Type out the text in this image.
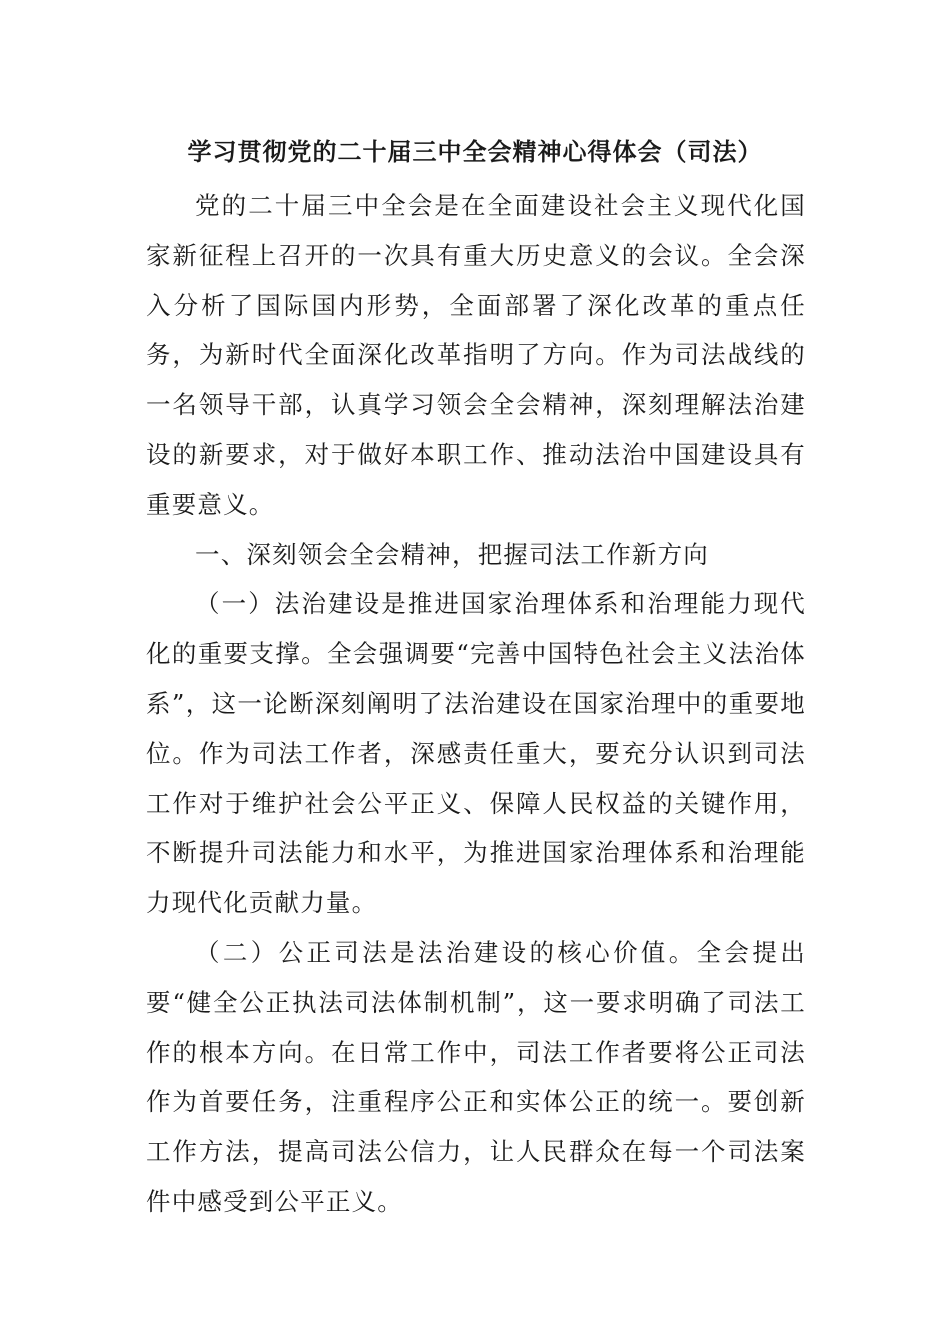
学习贯彻党的二十届三中全会精神心得体会（司法）

党的二十届三中全会是在全面建设社会主义现代化国家新征程上召开的一次具有重大历史意义的会议。全会深入分析了国际国内形势，全面部署了深化改革的重点任务，为新时代全面深化改革指明了方向。作为司法战线的一名领导干部，认真学习领会全会精神，深刻理解法治建设的新要求，对于做好本职工作、推动法治中国建设具有重要意义。

一、深刻领会全会精神，把握司法工作新方向

（一）法治建设是推进国家治理体系和治理能力现代化的重要支撑。全会强调要“完善中国特色社会主义法治体系”，这一论断深刻阐明了法治建设在国家治理中的重要地位。作为司法工作者，深感责任重大，要充分认识到司法工作对于维护社会公平正义、保障人民权益的关键作用，不断提升司法能力和水平，为推进国家治理体系和治理能力现代化贡献力量。

（二）公正司法是法治建设的核心价值。全会提出要“健全公正执法司法体制机制”，这一要求明确了司法工作的根本方向。在日常工作中，司法工作者要将公正司法作为首要任务，注重程序公正和实体公正的统一。要创新工作方法，提高司法公信力，让人民群众在每一个司法案件中感受到公平正义。
